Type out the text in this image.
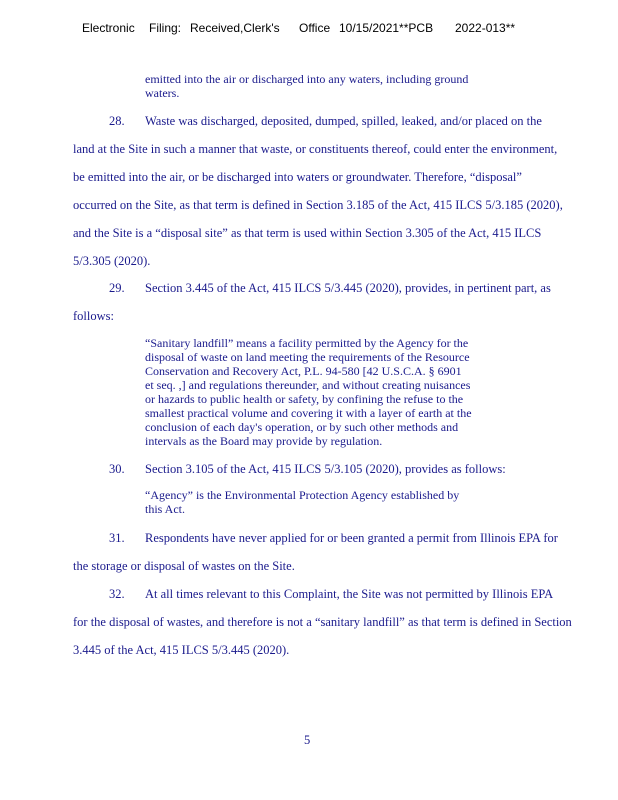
Electronic Filing: Received,Clerk's Office 10/15/2021**PCB 2022-013**
emitted into the air or discharged into any waters, including ground
waters.
28. Waste was discharged, deposited, dumped, spilled, leaked, and/or placed on the
land at the Site in such a manner that waste, or constituents thereof, could enter the environment,
be emitted into the air, or be discharged into waters or groundwater. Therefore, “disposal”
occurred on the Site, as that term is defined in Section 3.185 of the Act, 415 ILCS 5/3.185 (2020),
and the Site is a “disposal site” as that term is used within Section 3.305 of the Act, 415 ILCS
5/3.305 (2020).
29. Section 3.445 of the Act, 415 ILCS 5/3.445 (2020), provides, in pertinent part, as
follows:
“Sanitary landfill” means a facility permitted by the Agency for the
disposal of waste on land meeting the requirements of the Resource
Conservation and Recovery Act, P.L. 94-580 [42 U.S.C.A. § 6901
et seq. ,] and regulations thereunder, and without creating nuisances
or hazards to public health or safety, by confining the refuse to the
smallest practical volume and covering it with a layer of earth at the
conclusion of each day's operation, or by such other methods and
intervals as the Board may provide by regulation.
30. Section 3.105 of the Act, 415 ILCS 5/3.105 (2020), provides as follows:
“Agency” is the Environmental Protection Agency established by
this Act.
31. Respondents have never applied for or been granted a permit from Illinois EPA for
the storage or disposal of wastes on the Site.
32. At all times relevant to this Complaint, the Site was not permitted by Illinois EPA
for the disposal of wastes, and therefore is not a “sanitary landfill” as that term is defined in Section
3.445 of the Act, 415 ILCS 5/3.445 (2020).
5
